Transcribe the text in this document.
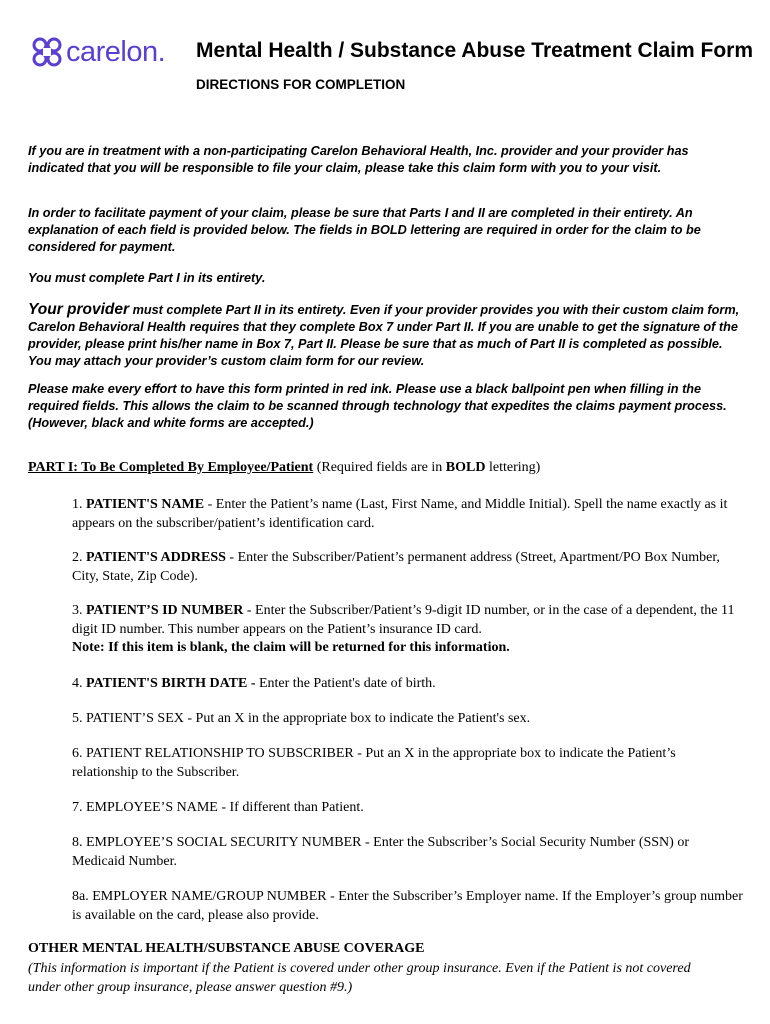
carelon . Mental Health / Substance Abuse Treatment Claim Form
DIRECTIONS FOR COMPLETION
If you are in treatment with a non-participating Carelon Behavioral Health, Inc. provider and your provider has indicated that you will be responsible to file your claim, please take this claim form with you to your visit.
In order to facilitate payment of your claim, please be sure that Parts I and II are completed in their entirety. An explanation of each field is provided below. The fields in BOLD lettering are required in order for the claim to be considered for payment.
You must complete Part I in its entirety.
Your provider must complete Part II in its entirety. Even if your provider provides you with their custom claim form, Carelon Behavioral Health requires that they complete Box 7 under Part II. If you are unable to get the signature of the provider, please print his/her name in Box 7, Part II. Please be sure that as much of Part II is completed as possible. You may attach your provider’s custom claim form for our review.
Please make every effort to have this form printed in red ink. Please use a black ballpoint pen when filling in the required fields. This allows the claim to be scanned through technology that expedites the claims payment process. (However, black and white forms are accepted.)
PART I: To Be Completed By Employee/Patient (Required fields are in BOLD lettering)
1. PATIENT'S NAME - Enter the Patient’s name (Last, First Name, and Middle Initial). Spell the name exactly as it appears on the subscriber/patient’s identification card.
2. PATIENT'S ADDRESS - Enter the Subscriber/Patient’s permanent address (Street, Apartment/PO Box Number, City, State, Zip Code).
3. PATIENT’S ID NUMBER - Enter the Subscriber/Patient’s 9-digit ID number, or in the case of a dependent, the 11 digit ID number. This number appears on the Patient’s insurance ID card.
Note: If this item is blank, the claim will be returned for this information.
4. PATIENT'S BIRTH DATE - Enter the Patient's date of birth.
5. PATIENT’S SEX - Put an X in the appropriate box to indicate the Patient's sex.
6. PATIENT RELATIONSHIP TO SUBSCRIBER - Put an X in the appropriate box to indicate the Patient’s relationship to the Subscriber.
7. EMPLOYEE’S NAME - If different than Patient.
8. EMPLOYEE’S SOCIAL SECURITY NUMBER - Enter the Subscriber’s Social Security Number (SSN) or Medicaid Number.
8a. EMPLOYER NAME/GROUP NUMBER - Enter the Subscriber’s Employer name. If the Employer’s group number is available on the card, please also provide.
OTHER MENTAL HEALTH/SUBSTANCE ABUSE COVERAGE
(This information is important if the Patient is covered under other group insurance. Even if the Patient is not covered under other group insurance, please answer question #9.)
